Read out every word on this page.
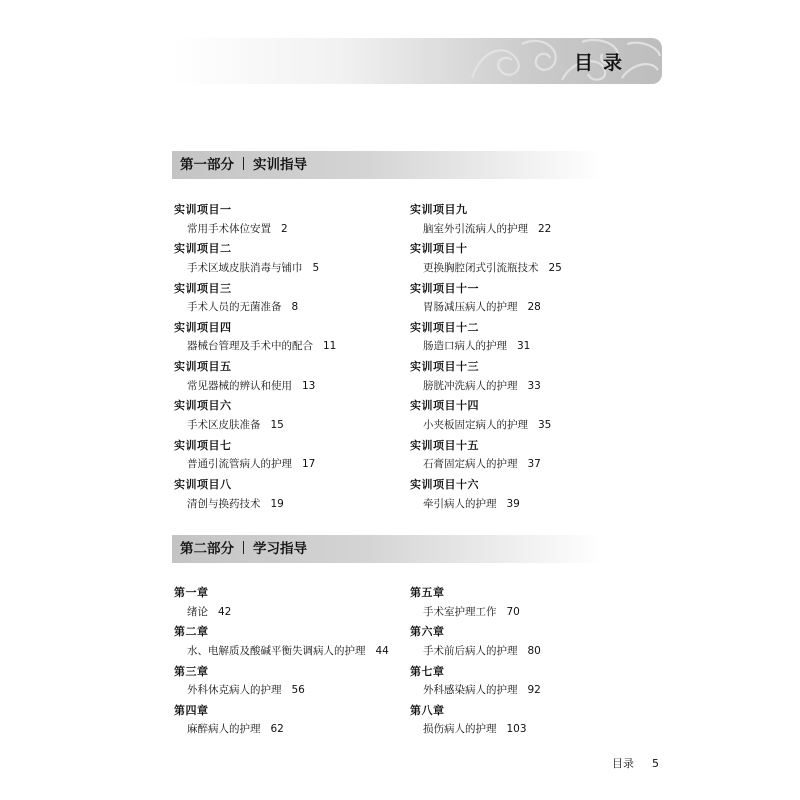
目录
第一部分 实训指导
实训项目一
常用手术体位安置 2
实训项目二
手术区域皮肤消毒与铺巾 5
实训项目三
手术人员的无菌准备 8
实训项目四
器械台管理及手术中的配合 11
实训项目五
常见器械的辨认和使用 13
实训项目六
手术区皮肤准备 15
实训项目七
普通引流管病人的护理 17
实训项目八
清创与换药技术 19
实训项目九
脑室外引流病人的护理 22
实训项目十
更换胸腔闭式引流瓶技术 25
实训项目十一
胃肠减压病人的护理 28
实训项目十二
肠造口病人的护理 31
实训项目十三
膀胱冲洗病人的护理 33
实训项目十四
小夹板固定病人的护理 35
实训项目十五
石膏固定病人的护理 37
实训项目十六
牵引病人的护理 39
第二部分 学习指导
第一章
绪论 42
第二章
水、电解质及酸碱平衡失调病人的护理 44
第三章
外科休克病人的护理 56
第四章
麻醉病人的护理 62
第五章
手术室护理工作 70
第六章
手术前后病人的护理 80
第七章
外科感染病人的护理 92
第八章
损伤病人的护理 103
目录 5
